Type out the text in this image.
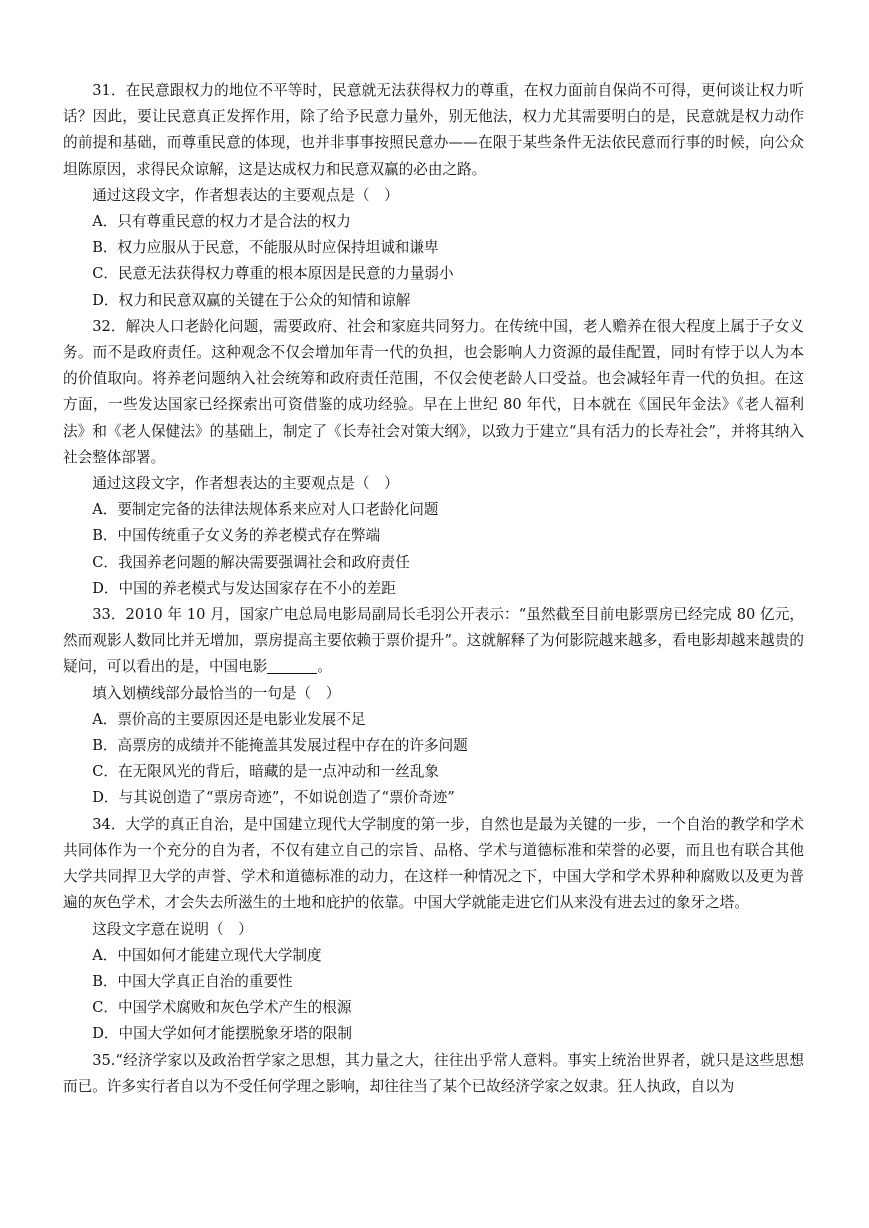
31．在民意跟权力的地位不平等时，民意就无法获得权力的尊重，在权力面前自保尚不可得，更何谈让权力听话？因此，要让民意真正发挥作用，除了给予民意力量外，别无他法，权力尤其需要明白的是，民意就是权力动作的前提和基础，而尊重民意的体现，也并非事事按照民意办——在限于某些条件无法依民意而行事的时候，向公众坦陈原因，求得民众谅解，这是达成权力和民意双赢的必由之路。

通过这段文字，作者想表达的主要观点是（　）

A．只有尊重民意的权力才是合法的权力

B．权力应服从于民意，不能服从时应保持坦诚和谦卑

C．民意无法获得权力尊重的根本原因是民意的力量弱小

D．权力和民意双赢的关键在于公众的知情和谅解

32．解决人口老龄化问题，需要政府、社会和家庭共同努力。在传统中国，老人赡养在很大程度上属于子女义务。而不是政府责任。这种观念不仅会增加年青一代的负担，也会影响人力资源的最佳配置，同时有悖于以人为本的价值取向。将养老问题纳入社会统筹和政府责任范围，不仅会使老龄人口受益。也会减轻年青一代的负担。在这方面，一些发达国家已经探索出可资借鉴的成功经验。早在上世纪 80 年代，日本就在《国民年金法》《老人福利法》和《老人保健法》的基础上，制定了《长寿社会对策大纲》，以致力于建立“具有活力的长寿社会”，并将其纳入社会整体部署。

通过这段文字，作者想表达的主要观点是（　）

A．要制定完备的法律法规体系来应对人口老龄化问题

B．中国传统重子女义务的养老模式存在弊端

C．我国养老问题的解决需要强调社会和政府责任

D．中国的养老模式与发达国家存在不小的差距

33．2010 年 10 月，国家广电总局电影局副局长毛羽公开表示：“虽然截至目前电影票房已经完成 80 亿元，然而观影人数同比并无增加，票房提高主要依赖于票价提升”。这就解释了为何影院越来越多，看电影却越来越贵的疑问，可以看出的是，中国电影	。

填入划横线部分最恰当的一句是（　）

A．票价高的主要原因还是电影业发展不足

B．高票房的成绩并不能掩盖其发展过程中存在的许多问题

C．在无限风光的背后，暗藏的是一点冲动和一丝乱象

D．与其说创造了“票房奇迹”，不如说创造了“票价奇迹”

34．大学的真正自治，是中国建立现代大学制度的第一步，自然也是最为关键的一步，一个自治的教学和学术共同体作为一个充分的自为者，不仅有建立自己的宗旨、品格、学术与道德标准和荣誉的必要，而且也有联合其他大学共同捍卫大学的声誉、学术和道德标准的动力，在这样一种情况之下，中国大学和学术界种种腐败以及更为普遍的灰色学术，才会失去所滋生的土地和庇护的依靠。中国大学就能走进它们从来没有进去过的象牙之塔。

这段文字意在说明（　）

A．中国如何才能建立现代大学制度

B．中国大学真正自治的重要性

C．中国学术腐败和灰色学术产生的根源

D．中国大学如何才能摆脱象牙塔的限制

35.“经济学家以及政治哲学家之思想，其力量之大，往往出乎常人意料。事实上统治世界者，就只是这些思想而已。许多实行者自以为不受任何学理之影响，却往往当了某个已故经济学家之奴隶。狂人执政，自以为
